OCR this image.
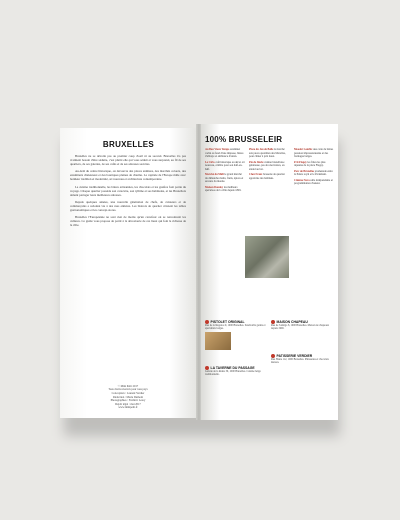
BRUXELLES

Bruxelles ne se dévoile pas au premier coup d'oeil ni au second. Bruxelles n'a pas vraiment besoin d'être séduite, c'est plutôt elle qui vous séduit et vous surprend, au fil de ses quartiers, de ses galeries, de ses cafés et de ses adresses secrètes.

Au-delà du centre historique, on découvre des places animées, des marchés colorés, des estaminets chaleureux et des boutiques pleines de charme. La capitale de l'Europe mêle avec bonheur tradition et modernité, art nouveau et architecture contemporaine.

La cuisine traditionnelle, les bières artisanales, les chocolats et les gaufres font partie du voyage. Chaque quartier possède son caractère, son rythme et ses habitudes, et les Bruxellois aiment partager leurs meilleures adresses.

Depuis quelques années, une nouvelle génération de chefs, de créateurs et de commerçants a redonné vie à des rues entières. Les bistrots de quartier côtoient les tables gastronomiques et les concept-stores.

Bruxelles l'Européenne ne sont rien de moins qu'un carrefour où se rencontrent les cultures. Ce guide vous propose de partir à la découverte de ces lieux qui font la richesse de la ville.

© Mini Petit 2017
Tous droits réservés pour tous pays
Conception : Laurent Verdier
Rédaction : Marie Dumont
Photographies : Frédéric Leroy
Dépôt légal : mai 2017
www.minipetit.fr
100% BRUSSELEIR
Au Bon Vieux Temps estaminet caché au fond d'une impasse, bières d'abbaye et ambiance d'antan.
Le Cirio café historique au décor art nouveau, célèbre pour son half-en-half.
Marché du Midi le grand marché du dimanche matin, fruits, épices et saveurs du monde.
Maison Dandoy les meilleurs spéculoos de la ville depuis 1829.
Place du Jeu de Balle le marché aux puces quotidien des Marolles, pour chiner à prix doux.
Fin de Siècle cuisine bruxelloise généreuse, pas de réservation, on attend au bar.
Chez Franz brasserie de quartier appréciée des habitués.
Moeder Lambic une carte de bières pression impressionnante et des fromages belges.
Frit Flagey les frites les plus réputées de la place Flagey.
Parc de Bruxelles promenade entre le Palais royal et le Parlement.
Cinéma Nova salle indépendante et programmation d'auteur.
PISTOLET ORIGINAL
Rue de la Régence 9, 1000 Bruxelles. Sandwichs garnis et spécialités belges.
MAISON CHAPEAU
Rue de l'Amigo 8, 1000 Bruxelles. Maison de chapeaux depuis 1900.
LA TAVERNE DU PASSAGE
Galerie de la Reine 30, 1000 Bruxelles. Cuisine belge traditionnelle.
PATISSERIE VERDIER
Rue Haute 112, 1000 Bruxelles. Pâtisseries et chocolats maison.
